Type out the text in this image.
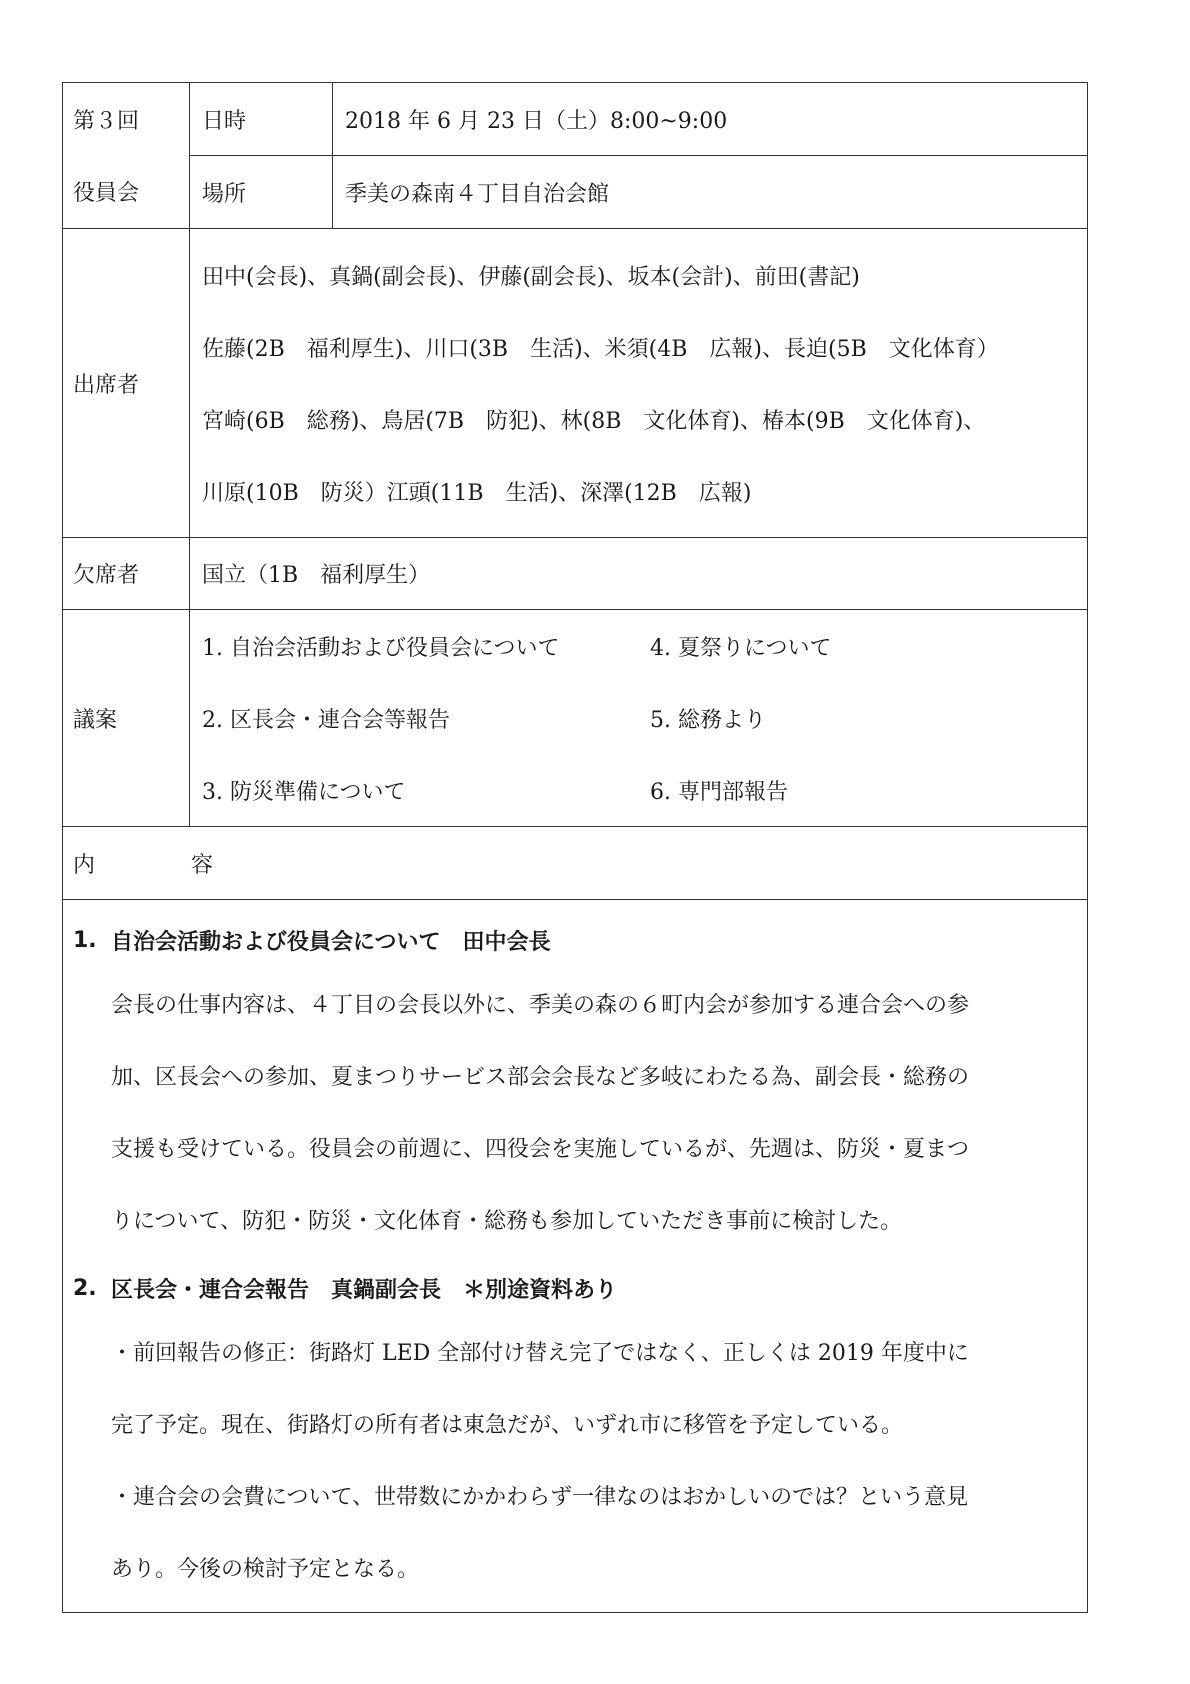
第３回
役員会
日時	2018 年 6 月 23 日（土）8:00~9:00
場所	季美の森南４丁目自治会館
出席者
田中(会長)、真鍋(副会長)、伊藤(副会長)、坂本(会計)、前田(書記)
佐藤(2B　福利厚生)、川口(3B　生活)、米須(4B　広報)、長迫(5B　文化体育）
宮崎(6B　総務)、鳥居(7B　防犯)、林(8B　文化体育)、椿本(9B　文化体育)、
川原(10B　防災）江頭(11B　生活)、深澤(12B　広報)
欠席者	国立（1B　福利厚生）
議案
1. 自治会活動および役員会について	4. 夏祭りについて
2. 区長会・連合会等報告	5. 総務より
3. 防災準備について	6. 専門部報告
内	容
1. 自治会活動および役員会について　田中会長

会長の仕事内容は、４丁目の会長以外に、季美の森の６町内会が参加する連合会への参

加、区長会への参加、夏まつりサービス部会会長など多岐にわたる為、副会長・総務の

支援も受けている。役員会の前週に、四役会を実施しているが、先週は、防災・夏まつ

りについて、防犯・防災・文化体育・総務も参加していただき事前に検討した。

2. 区長会・連合会報告　真鍋副会長　＊別途資料あり

・前回報告の修正：街路灯 LED 全部付け替え完了ではなく、正しくは 2019 年度中に

完了予定。現在、街路灯の所有者は東急だが、いずれ市に移管を予定している。

・連合会の会費について、世帯数にかかわらず一律なのはおかしいのでは？という意見

あり。今後の検討予定となる。
